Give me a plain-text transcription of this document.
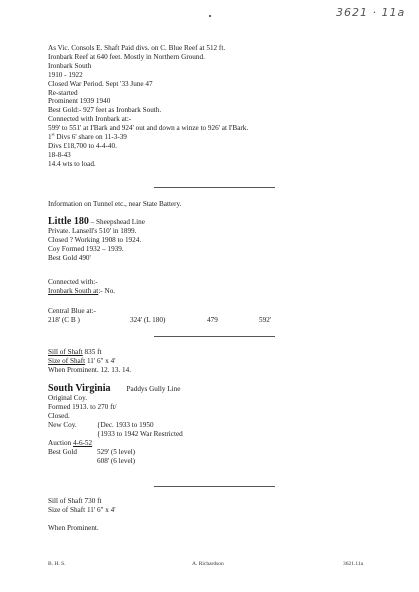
3621 · 11a
As Vic. Consols E. Shaft Paid divs. on C. Blue Reef at 512 ft.
Ironbark Reef at 640 feet. Mostly in Northern Ground.
Ironbark South
1910 - 1922
Closed War Period. Sept '33 June 47
Re-started
Prominent 1939 1940
Best Gold:- 927 feet as Ironbark South.
Connected with Ironbark at:-
599' to 551' at I'Bark and 924' out and down a winze to 926' at I'Bark.
1st Divs 6' share on 11-3-39
Divs £18,700 to 4-4-40.
18-8-43
14.4 wts to load.
Information on Tunnel etc., near State Battery.
Little 180 – Sheepshead Line
Private. Lansell's 510' in 1899.
Closed ? Working 1908 to 1924.
Coy Formed 1932 – 1939.
Best Gold 490'
Connected with:-
Ironbark South at:- No.
Central Blue at:-
218' (C B )	324' (L 180)	479	592'
Sill of Shaft 835 ft
Size of Shaft 11' 6" x 4'
When Prominent. 12. 13. 14.
South Virginia Paddys Gully Line
Original Coy.
Formed 1913. to 270 ft/
Closed.
New Coy.	{Dec. 1933 to 1950
{1933 to 1942 War Restricted
Auction 4-6-52
Best Gold	529' (5 level)
608' (6 level)
Sill of Shaft 730 ft
Size of Shaft 11' 6" x 4'
When Prominent.
B. H. S.	A. Richardson	3621.11a
